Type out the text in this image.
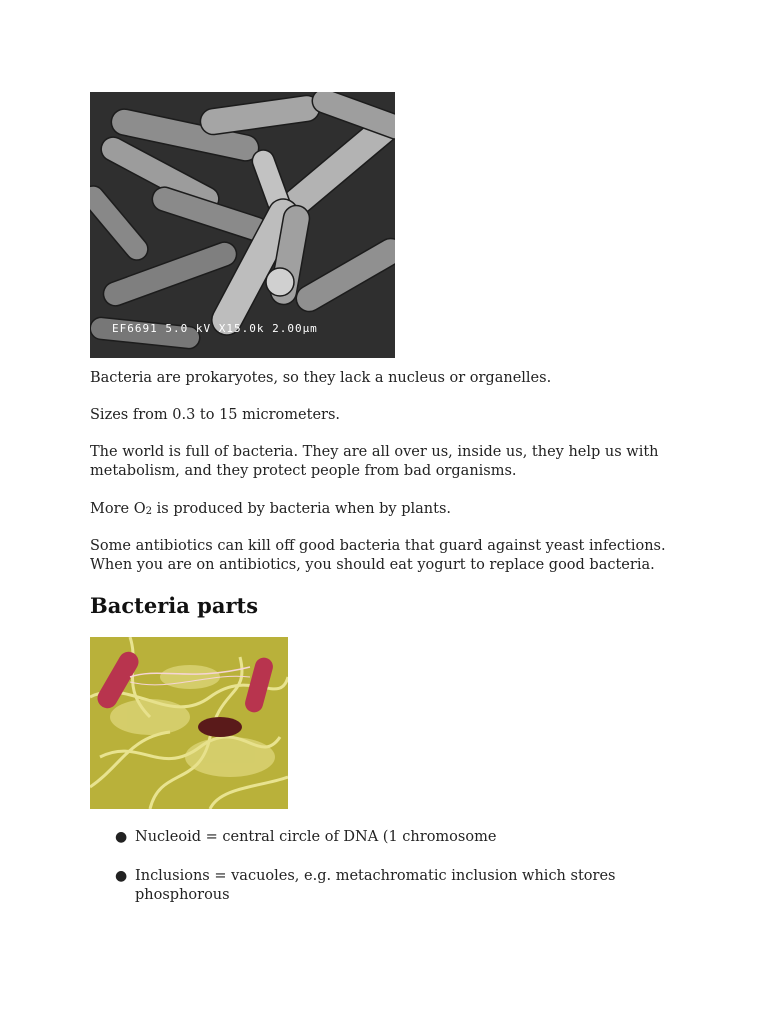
EF6691 5.0 kV X15.0k 2.00µm

Bacteria are prokaryotes, so they lack a nucleus or organelles.

Sizes from 0.3 to 15 micrometers.

The world is full of bacteria. They are all over us, inside us, they help us with metabolism, and they protect people from bad organisms.

More $O_2$ is produced by bacteria when by plants.

Some antibiotics can kill off good bacteria that guard against yeast infections. When you are on antibiotics, you should eat yogurt to replace good bacteria.

Bacteria parts
● Nucleoid = central circle of DNA (1 chromosome
● Inclusions = vacuoles, e.g. metachromatic inclusion which stores phosphorous
